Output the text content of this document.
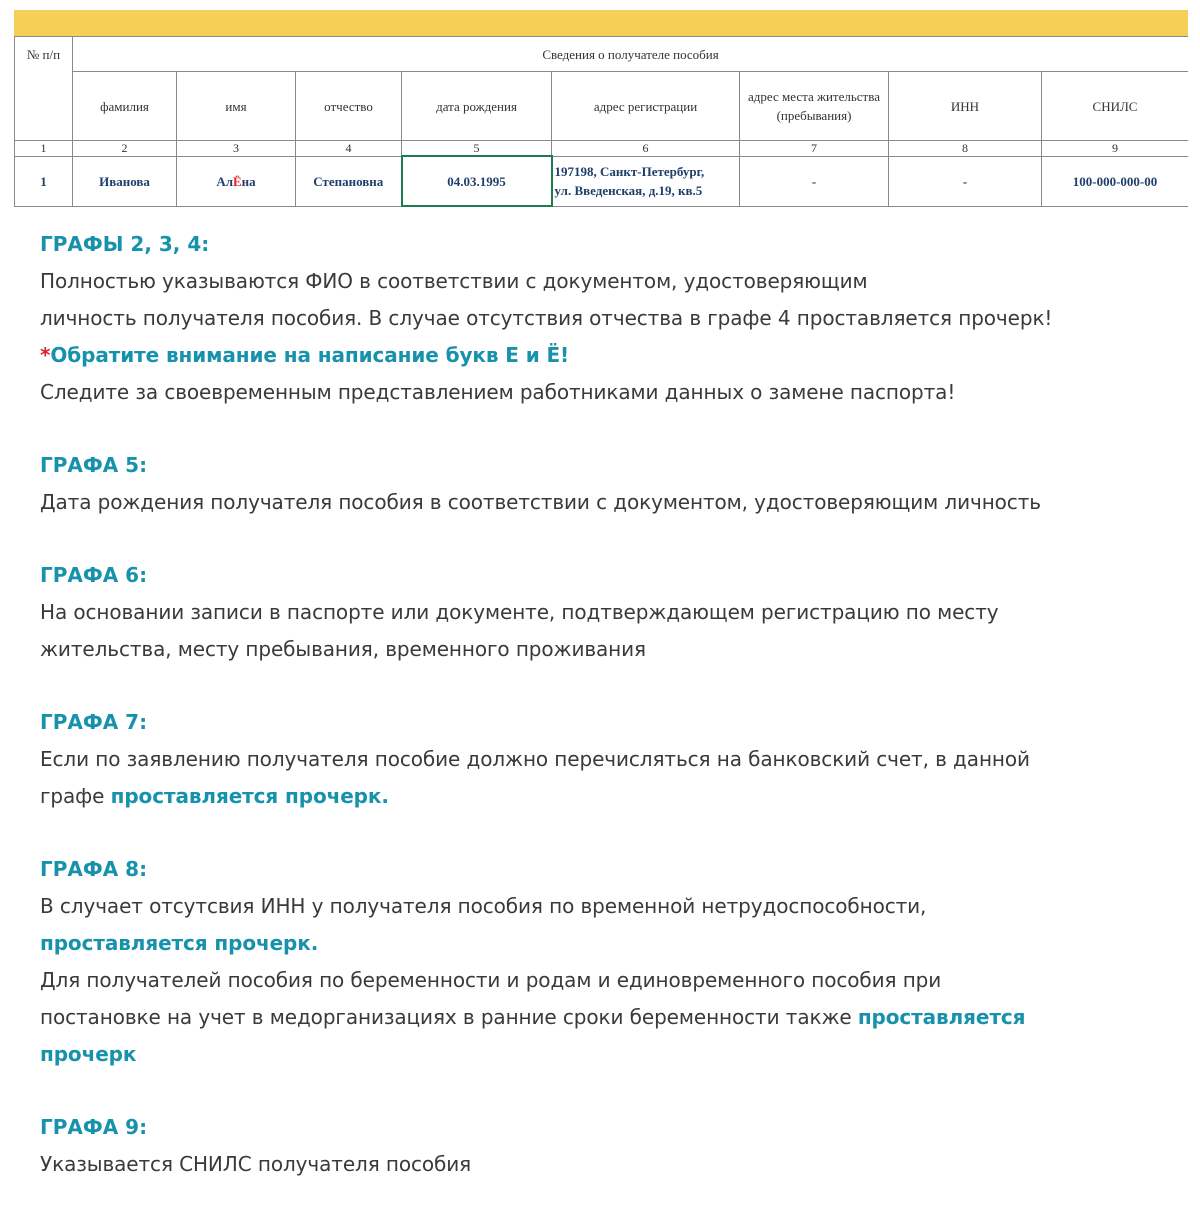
№ п/п	Сведения о получателе пособия							
	фамилия	имя	отчество	дата рождения	адрес регистрации	адрес места жительства (пребывания)	ИНН	СНИЛС
1	2	3	4	5	6	7	8	9
1	Иванова	АлЁна	Степановна	04.03.1995	197198, Санкт-Петербург,
ул. Введенская, д.19, кв.5	-	-	100-000-000-00
ГРАФЫ 2, 3, 4:
Полностью указываются ФИО в соответствии с документом, удостоверяющим
личность получателя пособия. В случае отсутствия отчества в графе 4 проставляется прочерк!
*Обратите внимание на написание букв Е и Ё!
Следите за своевременным представлением работниками данных о замене паспорта!
ГРАФА 5:
Дата рождения получателя пособия в соответствии с документом, удостоверяющим личность
ГРАФА 6:
На основании записи в паспорте или документе, подтверждающем регистрацию по месту
жительства, месту пребывания, временного проживания
ГРАФА 7:
Если по заявлению получателя пособие должно перечисляться на банковский счет, в данной
графе проставляется прочерк.
ГРАФА 8:
В случает отсутсвия ИНН у получателя пособия по временной нетрудоспособности,
проставляется прочерк.
Для получателей пособия по беременности и родам и единовременного пособия при
постановке на учет в медорганизациях в ранние сроки беременности также проставляется
прочерк
ГРАФА 9:
Указывается СНИЛС получателя пособия
